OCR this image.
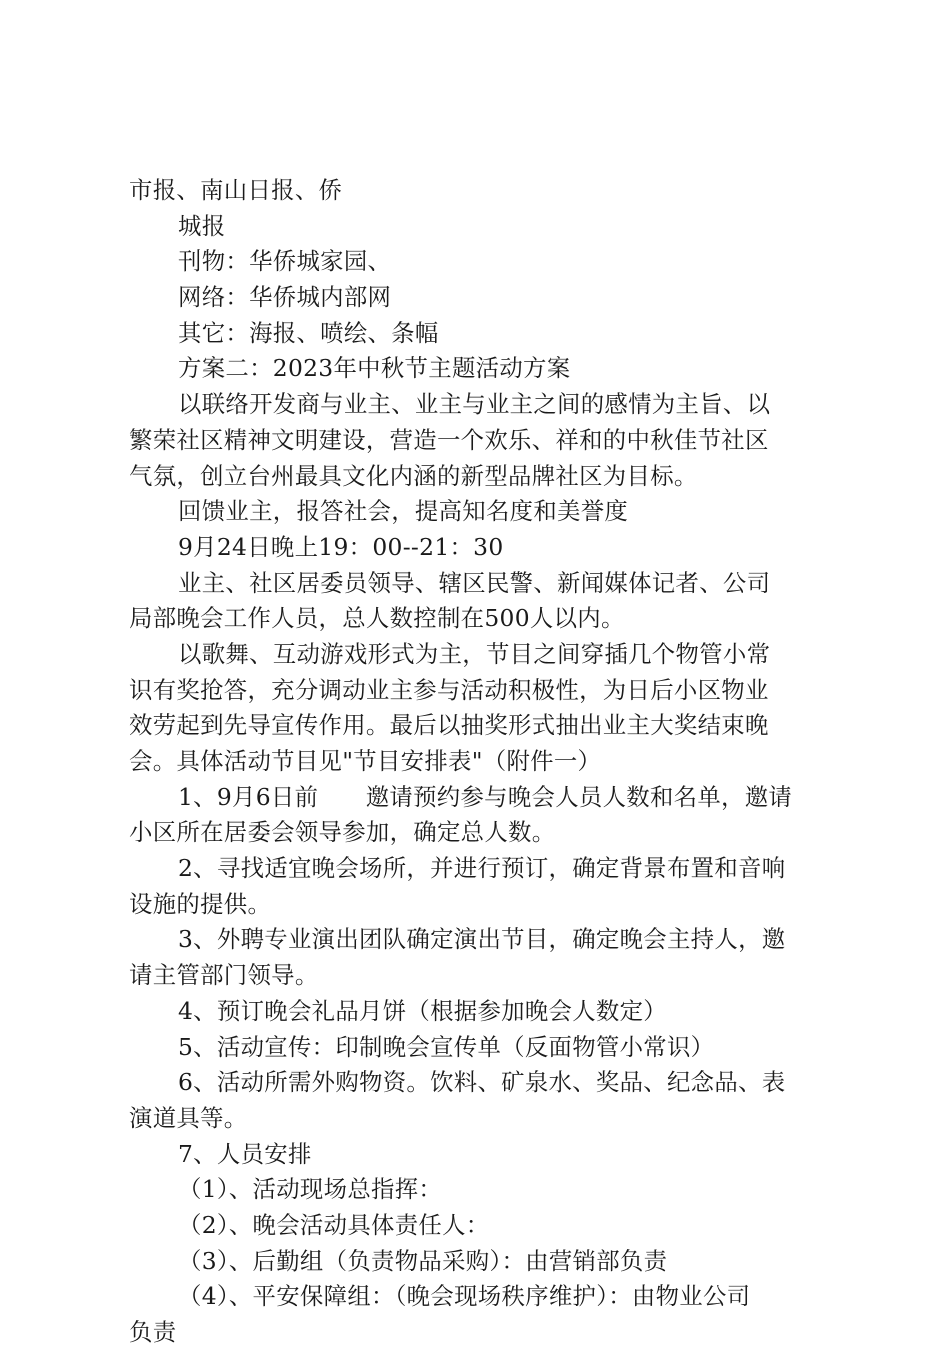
市报、南山日报、侨
城报
刊物：华侨城家园、
网络：华侨城内部网
其它：海报、喷绘、条幅
方案二：2023年中秋节主题活动方案
以联络开发商与业主、业主与业主之间的感情为主旨、以
繁荣社区精神文明建设，营造一个欢乐、祥和的中秋佳节社区
气氛，创立台州最具文化内涵的新型品牌社区为目标。
回馈业主，报答社会，提高知名度和美誉度
9月24日晚上19：00--21：30
业主、社区居委员领导、辖区民警、新闻媒体记者、公司
局部晚会工作人员，总人数控制在500人以内。
以歌舞、互动游戏形式为主，节目之间穿插几个物管小常
识有奖抢答，充分调动业主参与活动积极性，为日后小区物业
效劳起到先导宣传作用。最后以抽奖形式抽出业主大奖结束晚
会。具体活动节目见"节目安排表"（附件一）
1、9月6日前　　邀请预约参与晚会人员人数和名单，邀请
小区所在居委会领导参加，确定总人数。
2、寻找适宜晚会场所，并进行预订，确定背景布置和音响
设施的提供。
3、外聘专业演出团队确定演出节目，确定晚会主持人，邀
请主管部门领导。
4、预订晚会礼品月饼（根据参加晚会人数定）
5、活动宣传：印制晚会宣传单（反面物管小常识）
6、活动所需外购物资。饮料、矿泉水、奖品、纪念品、表
演道具等。
7、人员安排
（1）、活动现场总指挥：
（2）、晚会活动具体责任人：
（3）、后勤组（负责物品采购）：由营销部负责
（4）、平安保障组：（晚会现场秩序维护）：由物业公司
负责
